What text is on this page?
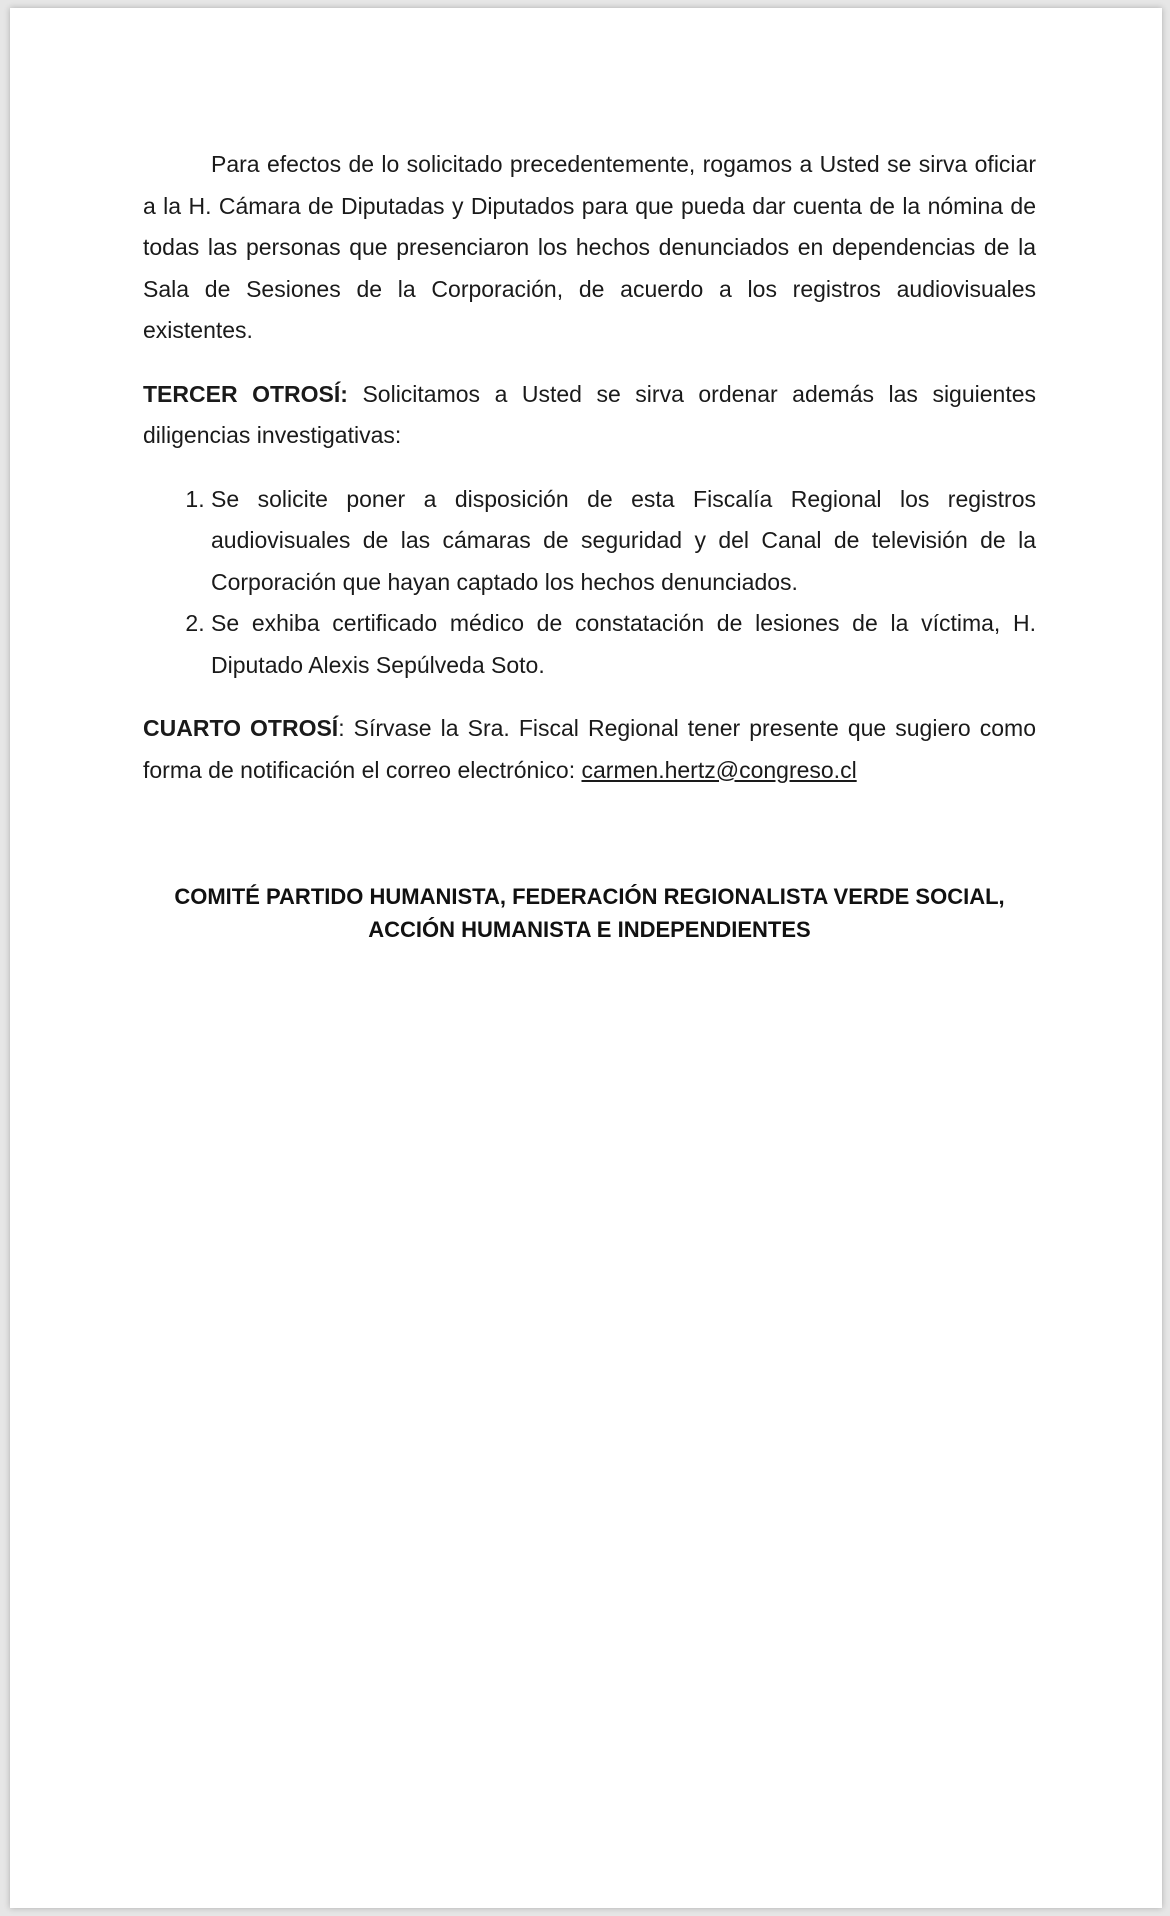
Para efectos de lo solicitado precedentemente, rogamos a Usted se sirva oficiar a la H. Cámara de Diputadas y Diputados para que pueda dar cuenta de la nómina de todas las personas que presenciaron los hechos denunciados en dependencias de la Sala de Sesiones de la Corporación, de acuerdo a los registros audiovisuales existentes.

TERCER OTROSÍ: Solicitamos a Usted se sirva ordenar además las siguientes diligencias investigativas:

1. Se solicite poner a disposición de esta Fiscalía Regional los registros audiovisuales de las cámaras de seguridad y del Canal de televisión de la Corporación que hayan captado los hechos denunciados.
2. Se exhiba certificado médico de constatación de lesiones de la víctima, H. Diputado Alexis Sepúlveda Soto.

CUARTO OTROSÍ: Sírvase la Sra. Fiscal Regional tener presente que sugiero como forma de notificación el correo electrónico: carmen.hertz@congreso.cl

COMITÉ PARTIDO HUMANISTA, FEDERACIÓN REGIONALISTA VERDE SOCIAL,
ACCIÓN HUMANISTA E INDEPENDIENTES
